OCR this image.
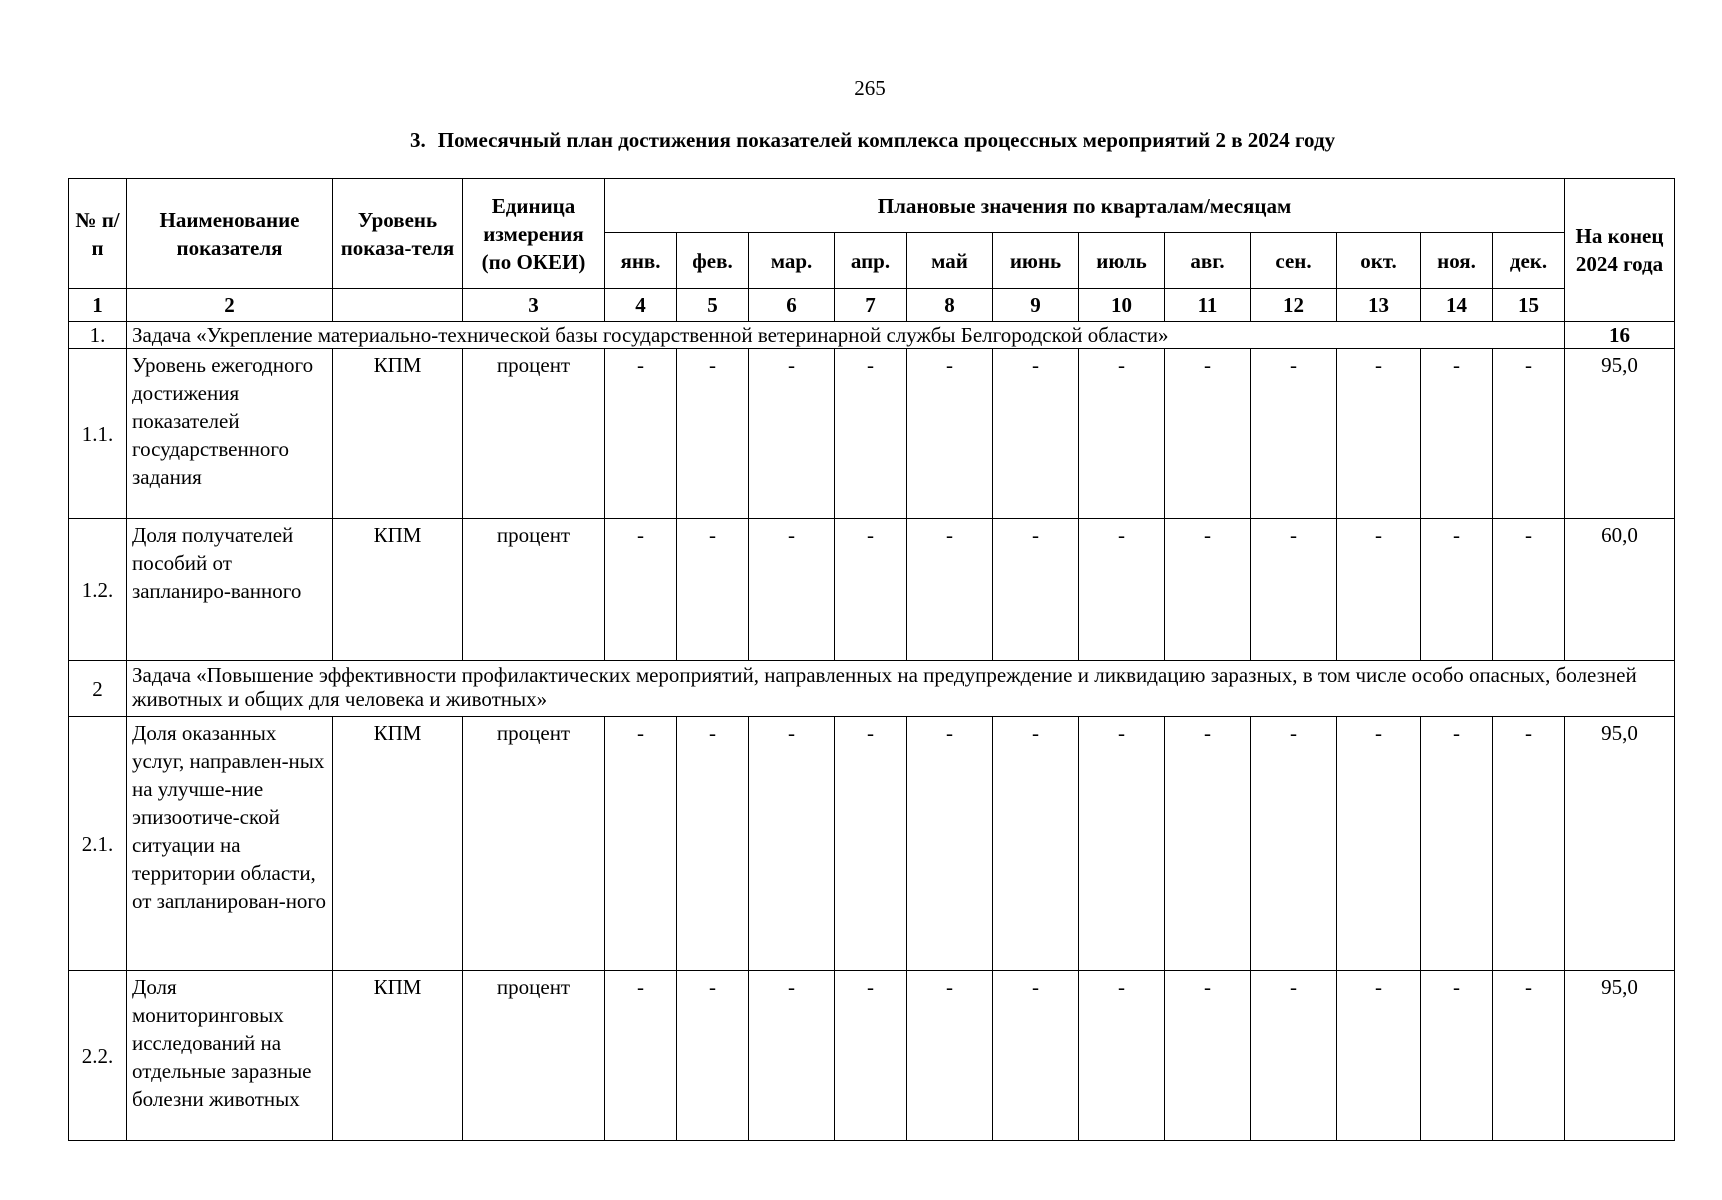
265
3. Помесячный план достижения показателей комплекса процессных мероприятий 2 в 2024 году
№ п/п	Наименование показателя	Уровень показа-теля	Единица измерения (по ОКЕИ)	Плановые значения по кварталам/месяцам												На конец 2024 года
				янв.	фев.	мар.	апр.	май	июнь	июль	авг.	сен.	окт.	ноя.	дек.	
1	2		3	4	5	6	7	8	9	10	11	12	13	14	15	

1.	Задача «Укрепление материально-технической базы государственной ветеринарной службы Белгородской области»															16
1.1.	Уровень ежегодного достижения показателей государственного задания	КПМ	процент	-	-	-	-	-	-	-	-	-	-	-	-	95,0
1.2.	Доля получателей пособий от запланиро-ванного	КПМ	процент	-	-	-	-	-	-	-	-	-	-	-	-	60,0
2	Задача «Повышение эффективности профилактических мероприятий, направленных на предупреждение и ликвидацию заразных, в том числе особо опасных, болезней животных и общих для человека и животных»															
2.1.	Доля оказанных услуг, направлен-ных на улучше-ние эпизоотиче-ской ситуации на территории области, от запланирован-ного	КПМ	процент	-	-	-	-	-	-	-	-	-	-	-	-	95,0
2.2.	Доля мониторинговых исследований на отдельные заразные болезни животных	КПМ	процент	-	-	-	-	-	-	-	-	-	-	-	-	95,0
